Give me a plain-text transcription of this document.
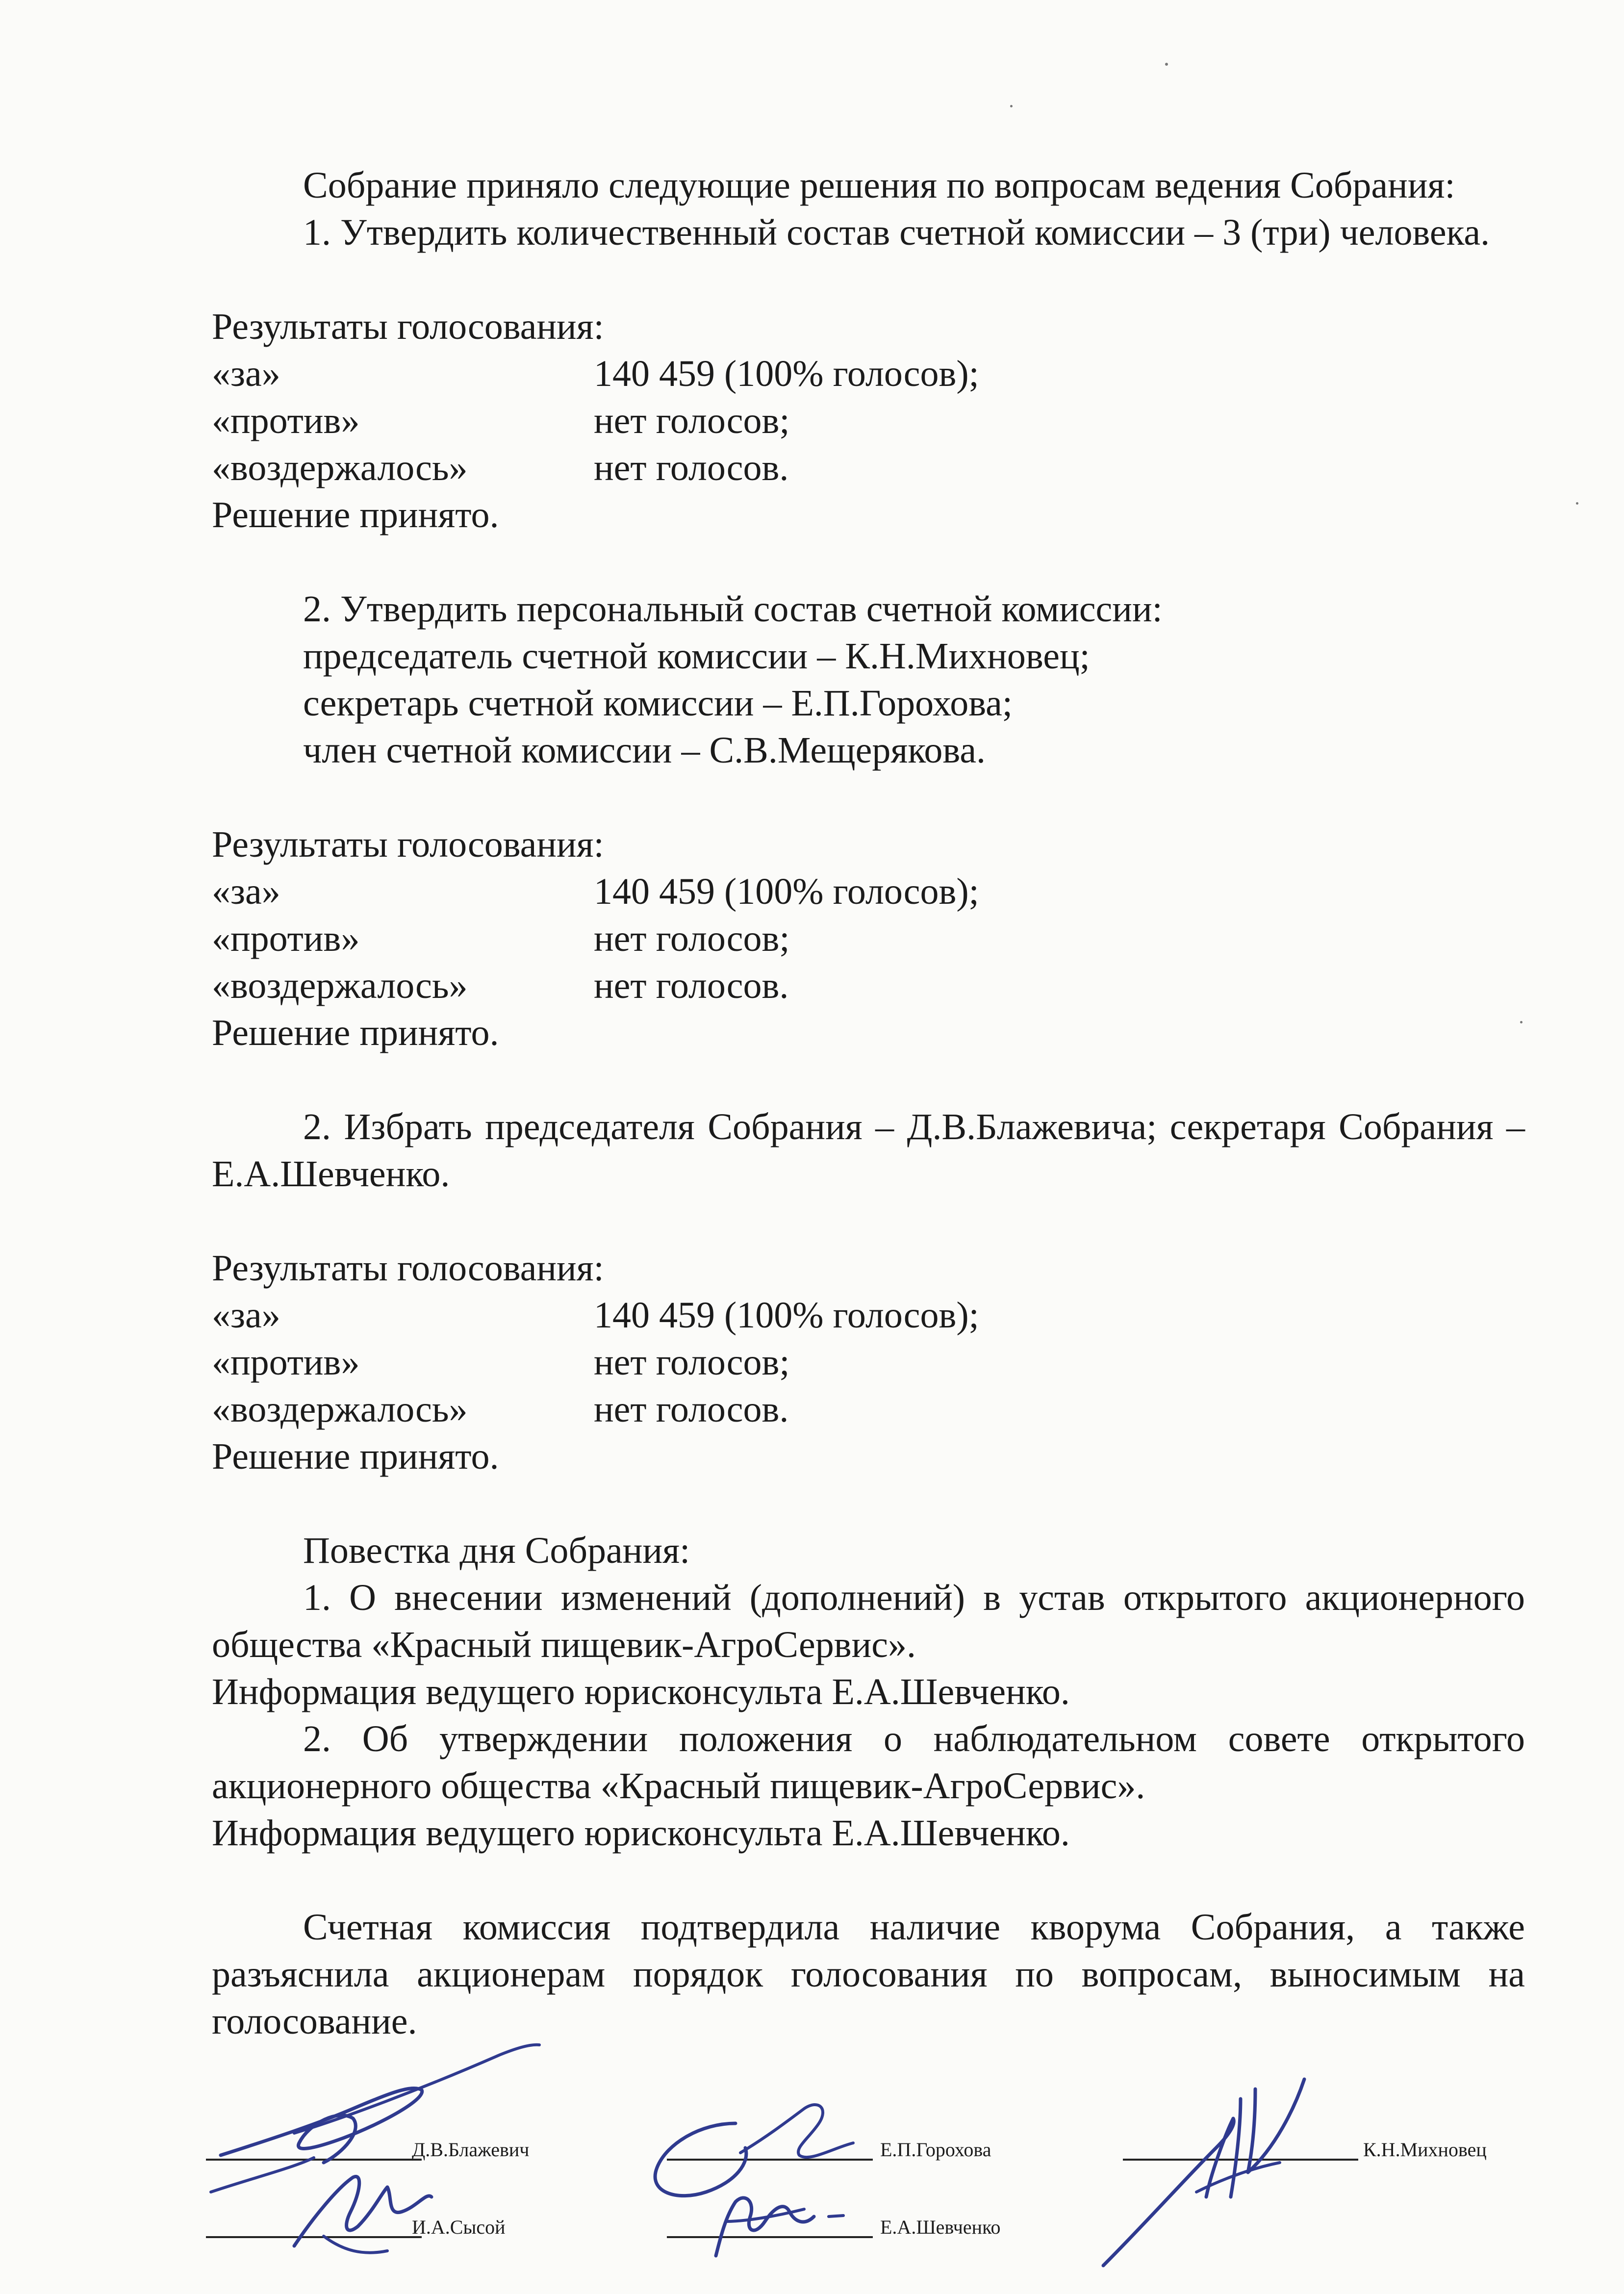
Собрание приняло следующие решения по вопросам ведения Собрания:

1. Утвердить количественный состав счетной комиссии – 3 (три) человека.

Результаты голосования:

«за»	140 459 (100% голосов);
«против»	нет голосов;
«воздержалось»	нет голосов.

Решение принято.

2. Утвердить персональный состав счетной комиссии:

председатель счетной комиссии – К.Н.Михновец;

секретарь счетной комиссии – Е.П.Горохова;

член счетной комиссии – С.В.Мещерякова.

Результаты голосования:

«за»	140 459 (100% голосов);
«против»	нет голосов;
«воздержалось»	нет голосов.

Решение принято.

2. Избрать председателя Собрания – Д.В.Блажевича; секретаря Собрания – Е.А.Шевченко.

Результаты голосования:

«за»	140 459 (100% голосов);
«против»	нет голосов;
«воздержалось»	нет голосов.

Решение принято.

Повестка дня Собрания:

1. О внесении изменений (дополнений) в устав открытого акционерного общества «Красный пищевик-АгроСервис».

Информация ведущего юрисконсульта Е.А.Шевченко.

2. Об утверждении положения о наблюдательном совете открытого акционерного общества «Красный пищевик-АгроСервис».

Информация ведущего юрисконсульта Е.А.Шевченко.

Счетная комиссия подтвердила наличие кворума Собрания, а также разъяснила акционерам порядок голосования по вопросам, выносимым на голосование.

Д.В.Блажевич	Е.П.Горохова	К.Н.Михновец
И.А.Сысой	Е.А.Шевченко
